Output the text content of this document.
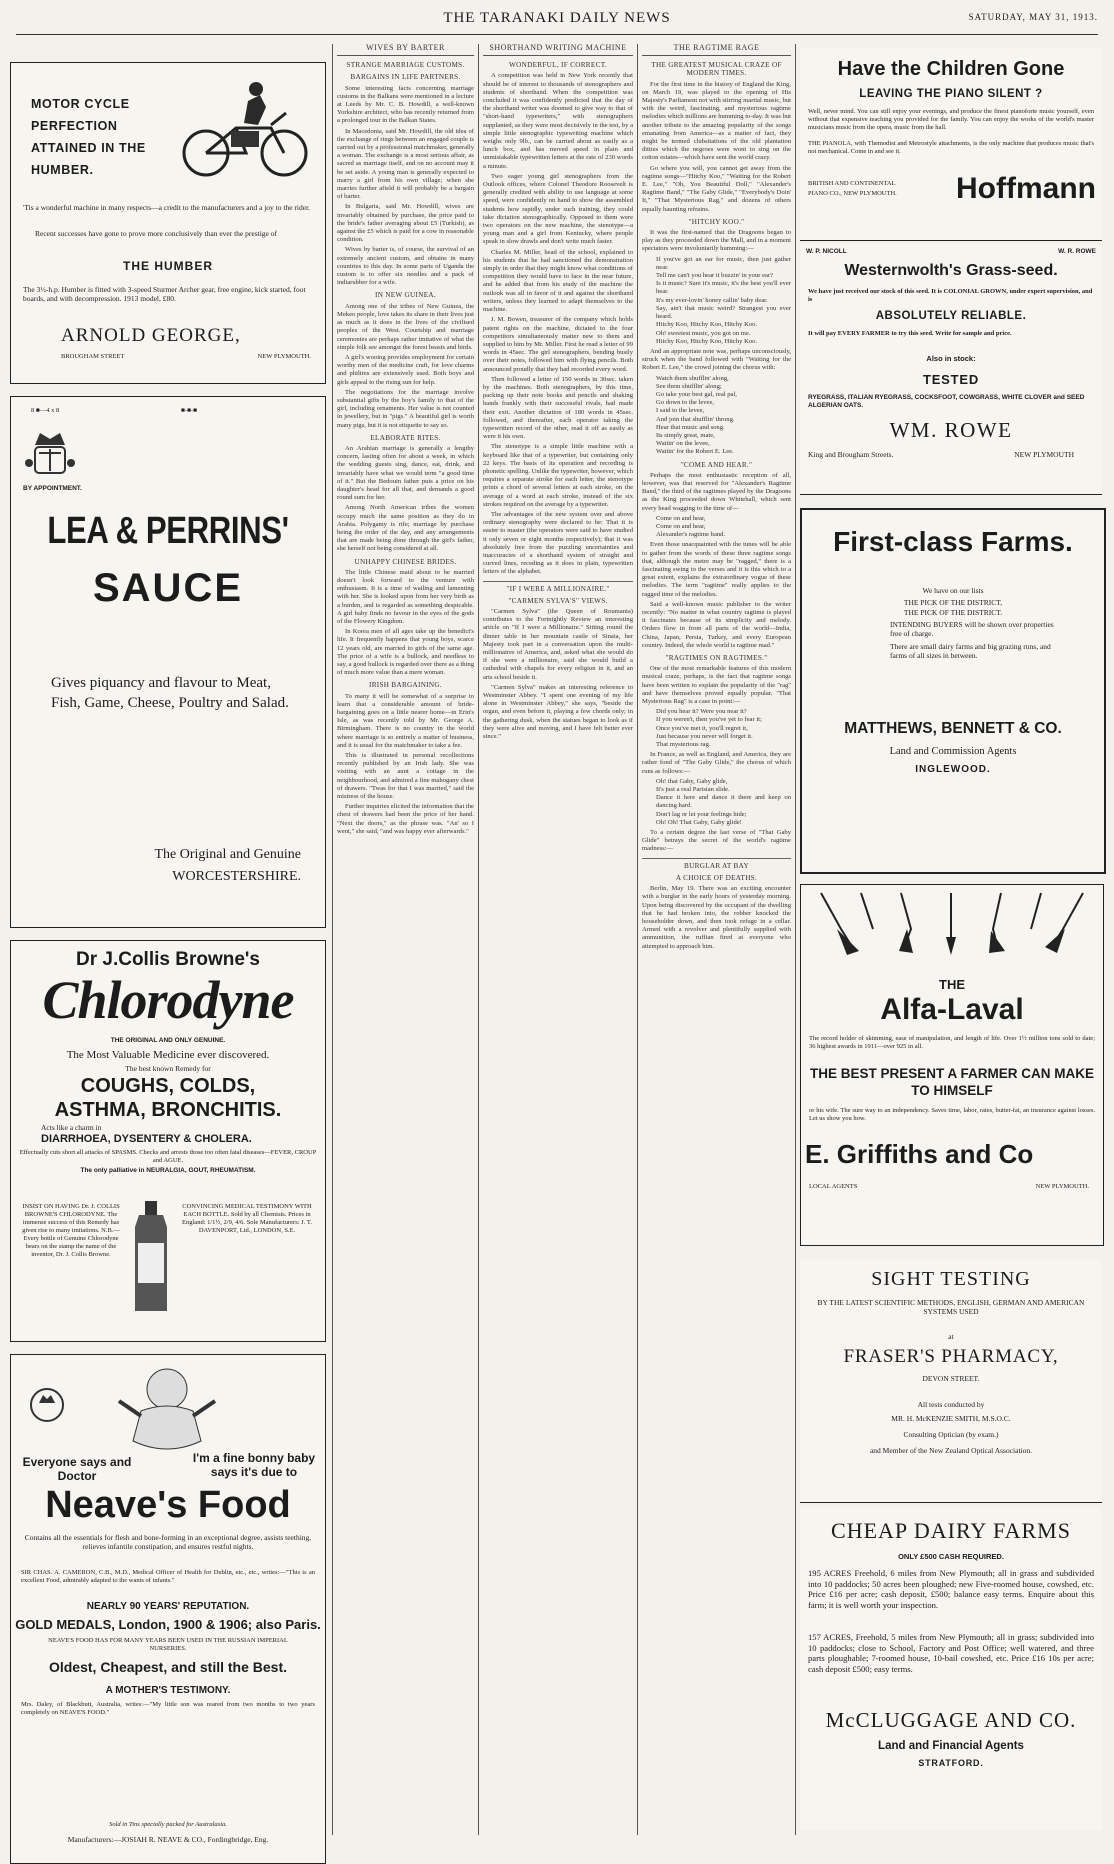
THE TARANAKI DAILY NEWS	SATURDAY, MAY 31, 1913.
MOTOR CYCLE PERFECTION ATTAINED IN THE HUMBER.
'Tis a wonderful machine in many respects—a credit to the manufacturers and a joy to the rider.
Recent successes have gone to prove more conclusively than ever the prestige of
THE HUMBER
The 3½-h.p. Humber is fitted with 3-speed Sturmer Archer gear, free engine, kick started, foot boards, and with decompression. 1913 model, £80.
ARNOLD GEORGE,
BROUGHAM STREET	NEW PLYMOUTH.
8 ■—4 x 8	■-■-■
BY APPOINTMENT.
LEA & PERRINS'
SAUCE
Gives piquancy and flavour to Meat, Fish, Game, Cheese, Poultry and Salad.
The Original and Genuine
WORCESTERSHIRE.
Dr J.Collis Browne's
Chlorodyne
THE ORIGINAL AND ONLY GENUINE.
The Most Valuable Medicine ever discovered.
The best known Remedy for
COUGHS, COLDS,
ASTHMA, BRONCHITIS.
Acts like a charm in
DIARRHOEA, DYSENTERY & CHOLERA.
Effectually cuts short all attacks of SPASMS. Checks and arrests those too often fatal diseases—FEVER, CROUP and AGUE.
The only palliative in NEURALGIA, GOUT, RHEUMATISM.
INSIST ON HAVING Dr. J. COLLIS BROWNE'S CHLORODYNE. The immense success of this Remedy has given rise to many imitations. N.B.—Every bottle of Genuine Chlorodyne bears on the stamp the name of the inventor, Dr. J. Collis Browne.
CONVINCING MEDICAL TESTIMONY WITH EACH BOTTLE. Sold by all Chemists. Prices in England: 1/1½, 2/9, 4/6. Sole Manufacturers: J. T. DAVENPORT, Ltd., LONDON, S.E.
Everyone says and Doctor
I'm a fine bonny baby says it's due to
Neave's Food
Contains all the essentials for flesh and bone-forming in an exceptional degree, assists teething, relieves infantile constipation, and ensures restful nights.
SIR CHAS. A. CAMERON, C.B., M.D., Medical Officer of Health for Dublin, etc., etc., writes:—"This is an excellent Food, admirably adapted to the wants of infants."
NEARLY 90 YEARS' REPUTATION.
GOLD MEDALS, London, 1900 & 1906; also Paris.
NEAVE'S FOOD HAS FOR MANY YEARS BEEN USED IN THE RUSSIAN IMPERIAL NURSERIES.
Oldest, Cheapest, and still the Best.
A MOTHER'S TESTIMONY.
Mrs. Daley, of Blackbutt, Australia, writes:—"My little son was reared from two months to two years completely on NEAVE'S FOOD."
Sold in Tins specially packed for Australasia.
Manufacturers:—JOSIAH R. NEAVE & CO., Fordingbridge, Eng.
WIVES BY BARTER
STRANGE MARRIAGE CUSTOMS.
BARGAINS IN LIFE PARTNERS.

Some interesting facts concerning marriage customs in the Balkans were mentioned in a lecture at Leeds by Mr. C. B. Howdill, a well-known Yorkshire architect, who has recently returned from a prolonged tour in the Balkan States.

In Macedonia, said Mr. Howdill, the old idea of the exchange of rings between an engaged couple is carried out by a professional matchmaker, generally a woman. The exchange is a most serious affair, as sacred as marriage itself, and on no account may it be set aside. A young man is generally expected to marry a girl from his own village; when she marries further afield it will probably be a bargain of barter.

In Bulgaria, said Mr. Howdill, wives are invariably obtained by purchase, the price paid to the bride's father averaging about £5 (Turkish), as against the £5 which is paid for a cow in reasonable condition.

Wives by barter is, of course, the survival of an extremely ancient custom, and obtains in many countries to this day. In some parts of Uganda the custom is to offer six needles and a pack of indiarubber for a wife.

IN NEW GUINEA.

Among one of the tribes of New Guinea, the Mekeo people, love takes its share in their lives just as much as it does in the lives of the civilised peoples of the West. Courtship and marriage ceremonies are perhaps rather imitative of what the simple folk see amongst the forest beasts and birds.

A girl's wooing provides employment for certain worthy men of the medicine craft, for love charms and philtres are extensively used. Both boys and girls appeal to the rising sun for help.

The negotiations for the marriage involve substantial gifts by the boy's family to that of the girl, including ornaments. Her value is not counted in jewellery, but in "pigs." A beautiful girl is worth many pigs, but it is not etiquette to say so.

ELABORATE RITES.

An Arabian marriage is generally a lengthy concern, lasting often for about a week, in which the wedding guests sing, dance, eat, drink, and invariably have what we would term "a good time of it." But the Bedouin father puts a price on his daughter's head for all that, and demands a good round sum for her.

Among North American tribes the women occupy much the same position as they do in Arabia. Polygamy is rife; marriage by purchase being the order of the day, and any arrangements that are made being done through the girl's father, she herself not being considered at all.

UNHAPPY CHINESE BRIDES.

The little Chinese maid about to be married doesn't look forward to the venture with enthusiasm. It is a time of wailing and lamenting with her. She is looked upon from her very birth as a burden, and is regarded as something despicable. A girl baby finds no favour in the eyes of the gods of the Flowery Kingdom.

In Korea men of all ages take up the benedict's life. It frequently happens that young boys, scarce 12 years old, are married to girls of the same age. The price of a wife is a bullock, and needless to say, a good bullock is regarded over there as a thing of much more value than a mere woman.

IRISH BARGAINING.

To many it will be somewhat of a surprise to learn that a considerable amount of bride-bargaining goes on a little nearer home—in Erin's Isle, as was recently told by Mr. George A. Birmingham. There is no country in the world where marriage is so entirely a matter of business, and it is usual for the matchmaker to take a fee.

This is illustrated in personal recollections recently published by an Irish lady. She was visiting with an aunt a cottage in the neighbourhood, and admired a fine mahogany chest of drawers. "Twas for that I was married," said the mistress of the house.

Further inquiries elicited the information that the chest of drawers had been the price of her hand. "Next the doors," as the phrase was. "An' so I went," she said, "and was happy ever afterwards."

SHORTHAND WRITING MACHINE
WONDERFUL, IF CORRECT.

A competition was held in New York recently that should be of interest to thousands of stenographers and students of shorthand. When the competition was concluded it was confidently predicted that the day of the shorthand writer was doomed to give way to that of "short-hand typewriters," with stenographers supplanted, as they were most decisively in the test, by a simple little stenographic typewriting machine which weighs only 9lb., can be carried about as easily as a lunch box, and has moved speed in plain and unmistakable typewritten letters at the rate of 230 words a minute.

Two eager young girl stenographers from the Outlook offices, where Colonel Theodore Roosevelt is generally credited with ability to use language at some speed, were confidently on hand to show the assembled students how rapidly, under such training, they could take dictation stenographically. Opposed to them were two operators on the new machine, the stenotype—a young man and a girl from Kentucky, where people speak in slow drawls and don't write much faster.

Charles M. Miller, head of the school, explained to his students that he had sanctioned the demonstration simply in order that they might know what conditions of competition they would have to face in the near future, and he added that from his study of the machine the outlook was all in favor of it and against the shorthand writers, unless they learned to adapt themselves to the machine.

J. M. Bowen, treasurer of the company which holds patent rights on the machine, dictated to the four competitors simultaneously matter new to them and supplied to him by Mr. Miller. First he read a letter of 99 words in 45sec. The girl stenographers, bending busily over their notes, followed him with flying pencils. Both announced proudly that they had recorded every word.

Then followed a letter of 150 words in 30sec. taken by the machines. Both stenographers, by this time, packing up their note books and pencils and shaking hands frankly with their successful rivals, had made their exit. Another dictation of 180 words in 45sec. followed, and thereafter, each operator taking the typewritten record of the other, read it off as easily as were it his own.

The stenotype is a simple little machine with a keyboard like that of a typewriter, but containing only 22 keys. The basis of its operation and recording is phonetic spelling. Unlike the typewriter, however, which requires a separate stroke for each letter, the stenotype prints a chord of several letters at each stroke, on the average of a word at each stroke, instead of the six strokes required on the average by a typewriter.

The advantages of the new system over and above ordinary stenography were declared to be: That it is easier to master (the operators were said to have studied it only seven or eight months respectively); that it was absolutely free from the puzzling uncertainties and inaccuracies of a shorthand system of straight and curved lines, receding as it does in plain, typewritten letters of the alphabet.

"IF I WERE A MILLIONAIRE."
"CARMEN SYLVA'S" VIEWS.

"Carmen Sylva" (the Queen of Roumania) contributes to the Fortnightly Review an interesting article on "If I were a Millionaire." Sitting round the dinner table in her mountain castle of Sinaia, her Majesty took part in a conversation upon the multi-millionaires of America, and, asked what she would do if she were a millionaire, said she would build a cathedral with chapels for every religion in it, and an arts school beside it.

"Carmen Sylva" makes an interesting reference to Westminster Abbey. "I spent one evening of my life alone in Westminster Abbey," she says, "beside the organ, and even before it, playing a few chords only; in the gathering dusk, when the statues began to look as if they were alive and moving, and I have felt better ever since."

THE RAGTIME RAGE
THE GREATEST MUSICAL CRAZE OF MODERN TIMES.

For the first time in the history of England the King, on March 19, was played to the opening of His Majesty's Parliament not with stirring martial music, but with the weird, fascinating, and mysterious ragtime melodies which millions are humming to-day. It was but another tribute to the amazing popularity of the songs emanating from America—as a matter of fact, they might be termed clubsitations of the old plantation ditties which the negroes were wont to sing on the cotton estates—which have sent the world crazy.

Go where you will, you cannot get away from the ragtime songs—"Hitchy Koo," "Waiting for the Robert E. Lee," "Oh, You Beautiful Doll," "Alexander's Ragtime Band," "The Gaby Glide," "Everybody's Doin' It," "That Mysterious Rag," and dozens of others equally haunting refrains.

"HITCHY KOO."

It was the first-named that the Dragoons began to play as they proceeded down the Mall, and in a moment spectators were involuntarily humming:—

If you've got an ear for music, then just gather near.
Tell me can't you hear it buzzin' in your ear?
Is it music? Sure it's music, it's the best you'll ever hear.
It's my ever-lovin' honey callin' baby dear.
Say, ain't that music weird? Strangest you ever heard.
Hitchy Koo, Hitchy Koo, Hitchy Koo.
Oh! sweetest music, you got on me.
Hitchy Koo, Hitchy Koo, Hitchy Koo.

And an appropriate note was, perhaps unconsciously, struck when the band followed with "Waiting for the Robert E. Lee," the crowd joining the chorus with:

Watch them shufflin' along,
See them shufflin' along;
Go take your best gal, real pal,
Go down to the levee,
I said to the levee,
And join that shufflin' throng.
Hear that music and song.
Its simply great, mate,
Waitin' on the levee,
Waitin' for the Robert E. Lee.

"COME AND HEAR."

Perhaps the most enthusiastic reception of all, however, was that reserved for "Alexander's Ragtime Band," the third of the ragtimes played by the Dragoons as the King proceeded down Whitehall, which sent every head wagging to the time of—

Come on and hear,
Come on and hear,
Alexander's ragtime band.

Even those unacquainted with the tunes will be able to gather from the words of these three ragtime songs that, although the metre may be "ragged," there is a fascinating swing to the verses and it is this which to a great extent, explains the extraordinary vogue of these melodies. The term "ragtime" really applies to the ragged time of the melodies.

Said a well-known music publisher to the writer recently: "No matter in what country ragtime is played it fascinates because of its simplicity and melody. Orders flow in from all parts of the world—India, China, Japan, Persia, Turkey, and every European country. Indeed, the whole world is ragtime mad."

"RAGTIMES ON RAGTIMES."

One of the most remarkable features of this modern musical craze, perhaps, is the fact that ragtime songs have been written to explain the popularity of the "rag" and have themselves proved equally popular. "That Mysterious Rag" is a case in point:—

Did you hear it? Were you near it?
If you weren't, then you've yet to fear it;
Once you've met it, you'll regret it,
Just because you never will forget it.
That mysterious rag.

In France, as well as England, and America, they are rather fond of "The Gaby Glide," the chorus of which runs as follows:—

Oh! that Gaby, Gaby glide,
It's just a real Parisian slide.
Dance it here and dance it there and keep on dancing hard.
Don't lag or let your feelings hide;
Oh! Oh! That Gaby, Gaby glide!

To a certain degree the last verse of "That Gaby Glide" betrays the secret of the world's ragtime madness:—

BURGLAR AT BAY
A CHOICE OF DEATHS.

Berlin, May 19. There was an exciting encounter with a burglar in the early hours of yesterday morning. Upon being discovered by the occupant of the dwelling that he had broken into, the robber knocked the householder down, and then took refuge in a cellar. Armed with a revolver and plentifully supplied with ammunition, the ruffian fired at everyone who attempted to approach him.

Have the Children Gone
LEAVING THE PIANO SILENT ?
Well, never mind. You can still enjoy your evenings, and produce the finest pianoforte music yourself, even without that expensive teaching you provided for the family. You can enjoy the works of the world's master musicians music from the opera, music from the hall.
THE PIANOLA, with Themodist and Metrostyle attachments, is the only machine that produces music that's not mechanical. Come in and see it.
BRITISH AND CONTINENTAL
PIANO CO., NEW PLYMOUTH. Hoffmann
W. P. NICOLL	W. R. ROWE
Westernwolth's Grass-seed.
We have just received our stock of this seed. It is COLONIAL GROWN, under expert supervision, and is
ABSOLUTELY RELIABLE.
It will pay EVERY FARMER to try this seed. Write for sample and price.
Also in stock:
TESTED
RYEGRASS, ITALIAN RYEGRASS, COCKSFOOT, COWGRASS, WHITE CLOVER and SEED ALGERIAN OATS.
WM. ROWE
King and Brougham Streets.	NEW PLYMOUTH
First-class Farms.
We have on our lists
THE PICK OF THE DISTRICT,
THE PICK OF THE DISTRICT.
INTENDING BUYERS will be shown over properties free of charge.
There are small dairy farms and big grazing runs, and farms of all sizes in between.
MATTHEWS, BENNETT & CO.
Land and Commission Agents
INGLEWOOD.
THE
Alfa-Laval
The record holder of skimming, ease of manipulation, and length of life. Over 1½ million tons sold to date; 36 highest awards in 1911—over 925 in all.
THE BEST PRESENT A FARMER CAN MAKE TO HIMSELF
or his wife. The sure way to an independency. Saves time, labor, rates, butter-fat, an insurance against losses. Let us show you how.
E. Griffiths and Co
LOCAL AGENTS	NEW PLYMOUTH.
SIGHT TESTING
BY THE LATEST SCIENTIFIC METHODS, ENGLISH, GERMAN AND AMERICAN SYSTEMS USED
at
FRASER'S PHARMACY,
DEVON STREET.
All tests conducted by
MR. H. McKENZIE SMITH, M.S.O.C.
Consulting Optician (by exam.)
and Member of the New Zealand Optical Association.
CHEAP DAIRY FARMS
ONLY £500 CASH REQUIRED.
195 ACRES Freehold, 6 miles from New Plymouth; all in grass and subdivided into 10 paddocks; 50 acres been ploughed; new Five-roomed house, cowshed, etc. Price £16 per acre; cash deposit, £500; balance easy terms. Enquire about this farm; it is well worth your inspection.
157 ACRES, Freehold, 5 miles from New Plymouth; all in grass; subdivided into 10 paddocks; close to School, Factory and Post Office; well watered, and three parts ploughable; 7-roomed house, 10-bail cowshed, etc. Price £16 10s per acre; cash deposit £500; easy terms.
McCLUGGAGE AND CO.
Land and Financial Agents
STRATFORD.
